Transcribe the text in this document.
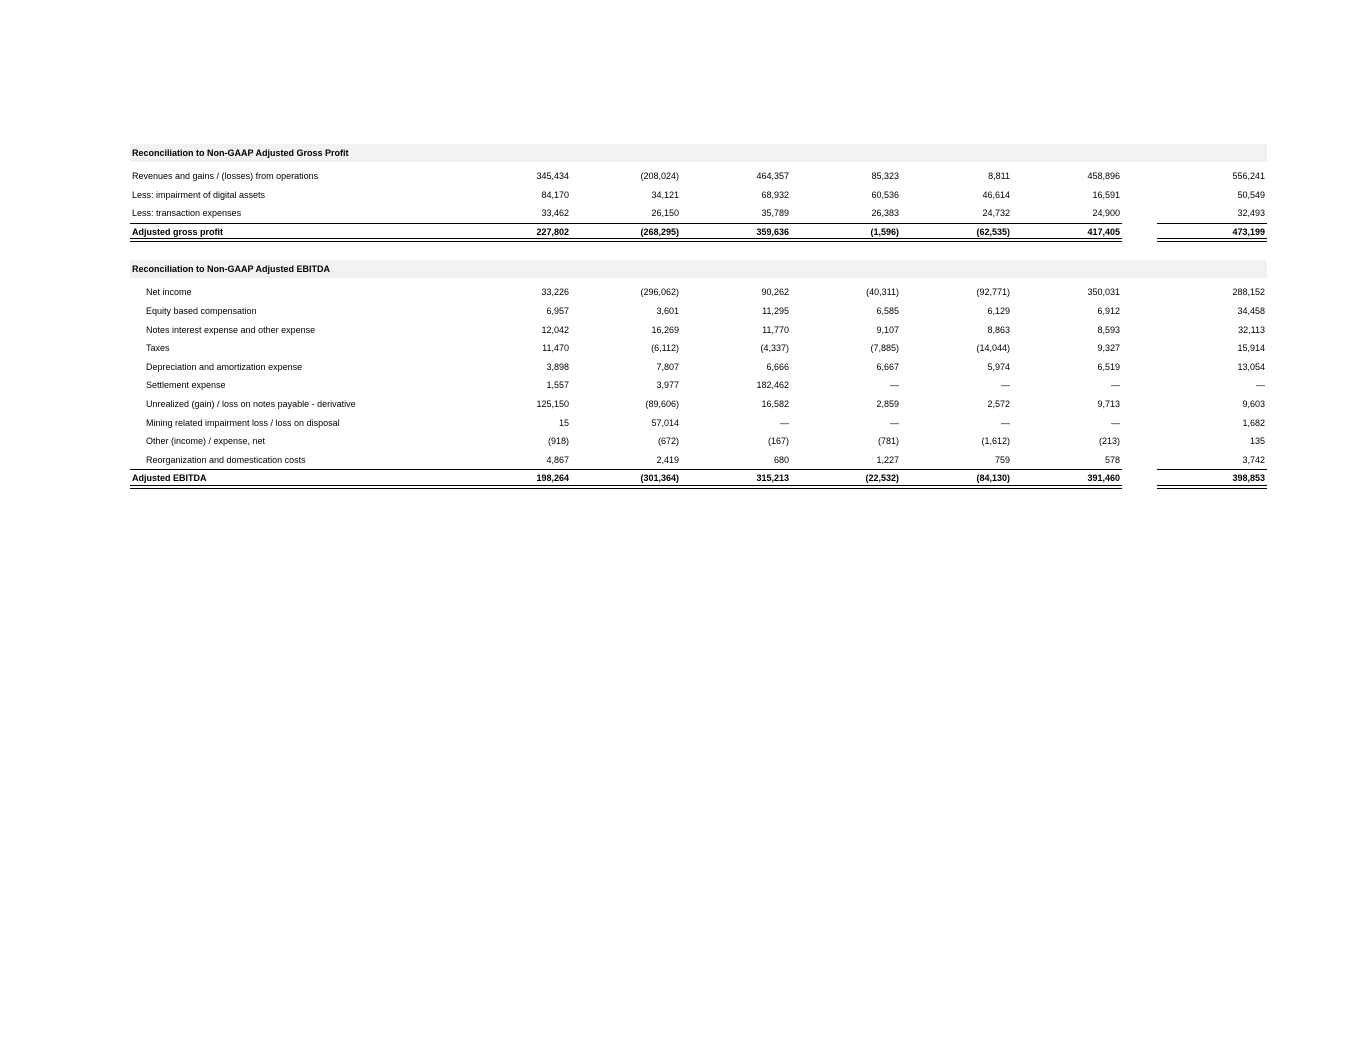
Reconciliation to Non-GAAP Adjusted Gross Profit
Revenues and gains / (losses) from operations	345,434	(208,024)	464,357	85,323	8,811	458,896	556,241
Less: impairment of digital assets	84,170	34,121	68,932	60,536	46,614	16,591	50,549
Less: transaction expenses	33,462	26,150	35,789	26,383	24,732	24,900	32,493
Adjusted gross profit	227,802	(268,295)	359,636	(1,596)	(62,535)	417,405	473,199
Reconciliation to Non-GAAP Adjusted EBITDA
Net income	33,226	(296,062)	90,262	(40,311)	(92,771)	350,031	288,152
Equity based compensation	6,957	3,601	11,295	6,585	6,129	6,912	34,458
Notes interest expense and other expense	12,042	16,269	11,770	9,107	8,863	8,593	32,113
Taxes	11,470	(6,112)	(4,337)	(7,885)	(14,044)	9,327	15,914
Depreciation and amortization expense	3,898	7,807	6,666	6,667	5,974	6,519	13,054
Settlement expense	1,557	3,977	182,462	—	—	—	—
Unrealized (gain) / loss on notes payable - derivative	125,150	(89,606)	16,582	2,859	2,572	9,713	9,603
Mining related impairment loss / loss on disposal	15	57,014	—	—	—	—	1,682
Other (income) / expense, net	(918)	(672)	(167)	(781)	(1,612)	(213)	135
Reorganization and domestication costs	4,867	2,419	680	1,227	759	578	3,742
Adjusted EBITDA	198,264	(301,364)	315,213	(22,532)	(84,130)	391,460	398,853
